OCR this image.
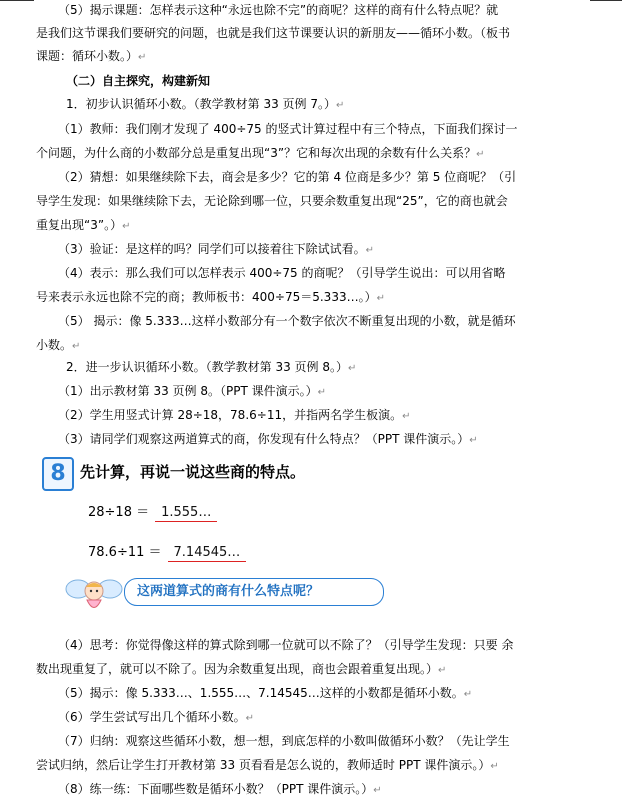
（5）揭示课题：怎样表示这种“永远也除不完”的商呢？这样的商有什么特点呢？就
是我们这节课我们要研究的问题，也就是我们这节课要认识的新朋友——循环小数。（板书
课题：循环小数。）↵
（二）自主探究，构建新知
1．初步认识循环小数。（教学教材第 33 页例 7。）↵
（1）教师：我们刚才发现了 400÷75 的竖式计算过程中有三个特点，下面我们探讨一
个问题，为什么商的小数部分总是重复出现“3”？它和每次出现的余数有什么关系？↵
（2）猜想：如果继续除下去，商会是多少？它的第 4 位商是多少？第 5 位商呢？（引
导学生发现：如果继续除下去，无论除到哪一位，只要余数重复出现“25”，它的商也就会
重复出现“3”。）↵
（3）验证：是这样的吗？同学们可以接着往下除试试看。↵
（4）表示：那么我们可以怎样表示 400÷75 的商呢？（引导学生说出：可以用省略
号来表示永远也除不完的商；教师板书：400÷75＝5.333…。）↵
（5） 揭示：像 5.333…这样小数部分有一个数字依次不断重复出现的小数，就是循环
小数。↵
2．进一步认识循环小数。（教学教材第 33 页例 8。）↵
（1）出示教材第 33 页例 8。（PPT 课件演示。）↵
（2）学生用竖式计算 28÷18，78.6÷11，并指两名学生板演。↵
（3）请同学们观察这两道算式的商，你发现有什么特点？（PPT 课件演示。）↵
8 先计算，再说一说这些商的特点。
28÷18 ＝ 1.555…
78.6÷11 ＝ 7.14545…
这两道算式的商有什么特点呢？
（4）思考：你觉得像这样的算式除到哪一位就可以不除了？（引导学生发现：只要 余
数出现重复了，就可以不除了。因为余数重复出现，商也会跟着重复出现。）↵
（5）揭示：像 5.333…、1.555…、7.14545…这样的小数都是循环小数。↵
（6）学生尝试写出几个循环小数。↵
（7）归纳：观察这些循环小数，想一想，到底怎样的小数叫做循环小数？（先让学生
尝试归纳，然后让学生打开教材第 33 页看看是怎么说的，教师适时 PPT 课件演示。）↵
（8）练一练：下面哪些数是循环小数？（PPT 课件演示。）↵
